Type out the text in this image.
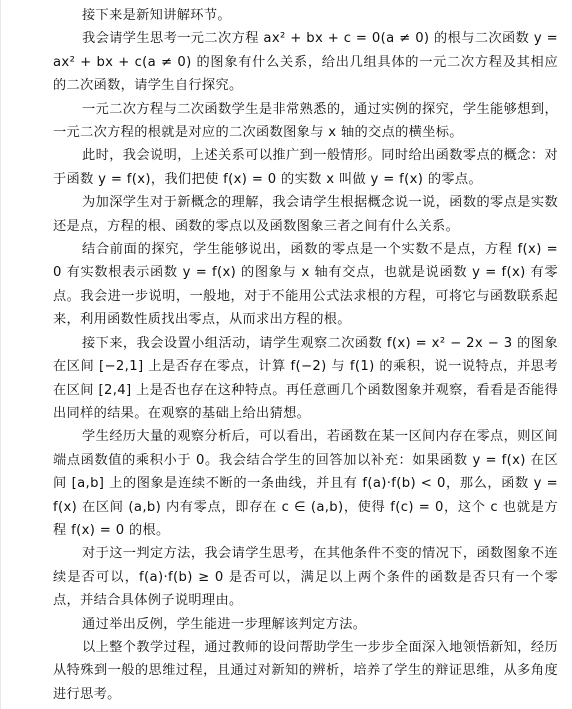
接下来是新知讲解环节。

我会请学生思考一元二次方程 ax² + bx + c = 0(a ≠ 0) 的根与二次函数 y = ax² + bx + c(a ≠ 0) 的图象有什么关系，给出几组具体的一元二次方程及其相应的二次函数，请学生自行探究。

一元二次方程与二次函数学生是非常熟悉的，通过实例的探究，学生能够想到，一元二次方程的根就是对应的二次函数图象与 x 轴的交点的横坐标。

此时，我会说明，上述关系可以推广到一般情形。同时给出函数零点的概念：对于函数 y = f(x)，我们把使 f(x) = 0 的实数 x 叫做 y = f(x) 的零点。

为加深学生对于新概念的理解，我会请学生根据概念说一说，函数的零点是实数还是点，方程的根、函数的零点以及函数图象三者之间有什么关系。

结合前面的探究，学生能够说出，函数的零点是一个实数不是点，方程 f(x) = 0 有实数根表示函数 y = f(x) 的图象与 x 轴有交点，也就是说函数 y = f(x) 有零点。我会进一步说明，一般地，对于不能用公式法求根的方程，可将它与函数联系起来，利用函数性质找出零点，从而求出方程的根。

接下来，我会设置小组活动，请学生观察二次函数 f(x) = x² − 2x − 3 的图象在区间 [−2,1] 上是否存在零点，计算 f(−2) 与 f(1) 的乘积，说一说特点，并思考在区间 [2,4] 上是否也存在这种特点。再任意画几个函数图象并观察，看看是否能得出同样的结果。在观察的基础上给出猜想。

学生经历大量的观察分析后，可以看出，若函数在某一区间内存在零点，则区间端点函数值的乘积小于 0。我会结合学生的回答加以补充：如果函数 y = f(x) 在区间 [a,b] 上的图象是连续不断的一条曲线，并且有 f(a)·f(b) < 0，那么，函数 y = f(x) 在区间 (a,b) 内有零点，即存在 c ∈ (a,b)，使得 f(c) = 0，这个 c 也就是方程 f(x) = 0 的根。

对于这一判定方法，我会请学生思考，在其他条件不变的情况下，函数图象不连续是否可以，f(a)·f(b) ≥ 0 是否可以，满足以上两个条件的函数是否只有一个零点，并结合具体例子说明理由。

通过举出反例，学生能进一步理解该判定方法。

以上整个教学过程，通过教师的设问帮助学生一步步全面深入地领悟新知，经历从特殊到一般的思维过程，且通过对新知的辨析，培养了学生的辩证思维，从多角度进行思考。
